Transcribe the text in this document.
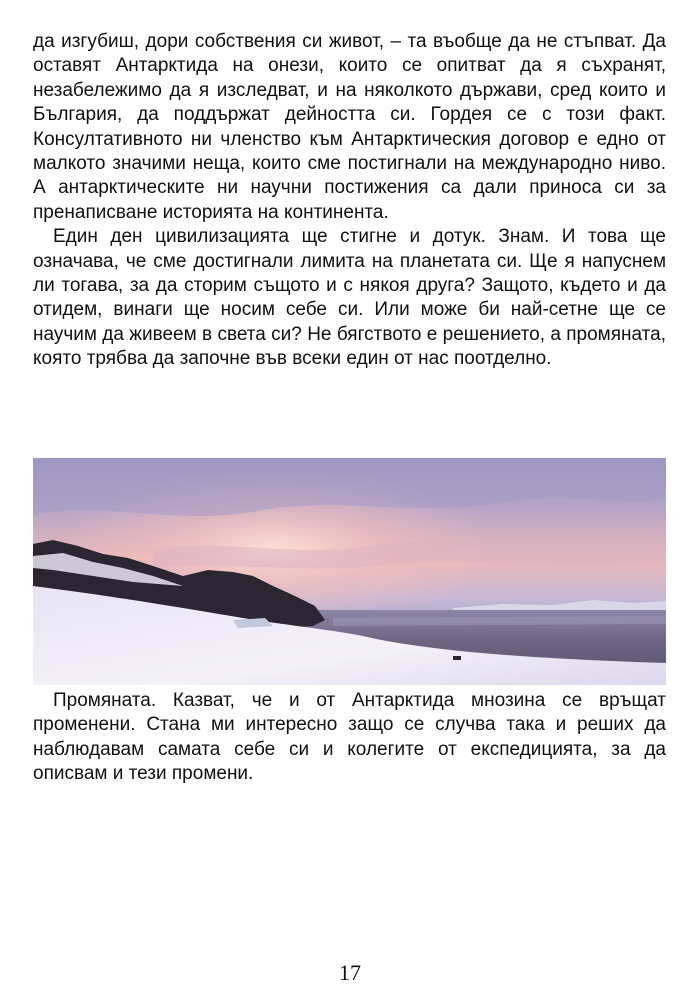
да изгубиш, дори собствения си живот, – та въобще да не стъпват. Да оставят Антарктида на онези, които се опитват да я съхранят, незабележимо да я изследват, и на няколкото държави, сред които и България, да поддържат дейността си. Гордея се с този факт. Консултативното ни членство към Антарктическия договор е едно от малкото значими неща, които сме постигнали на международно ниво. А антарктическите ни научни постижения са дали приноса си за пренаписване историята на континента.

Един ден цивилизацията ще стигне и дотук. Знам. И това ще означава, че сме достигнали лимита на планетата си. Ще я напуснем ли тогава, за да сторим същото и с някоя друга? Защото, където и да отидем, винаги ще носим себе си. Или може би най-сетне ще се научим да живеем в света си? Не бягството е решението, а промяната, която трябва да започне във всеки един от нас поотделно.

Промяната. Казват, че и от Антарктида мнозина се връщат променени. Стана ми интересно защо се случва така и реших да наблюдавам самата себе си и колегите от експедицията, за да описвам и тези промени.

17
